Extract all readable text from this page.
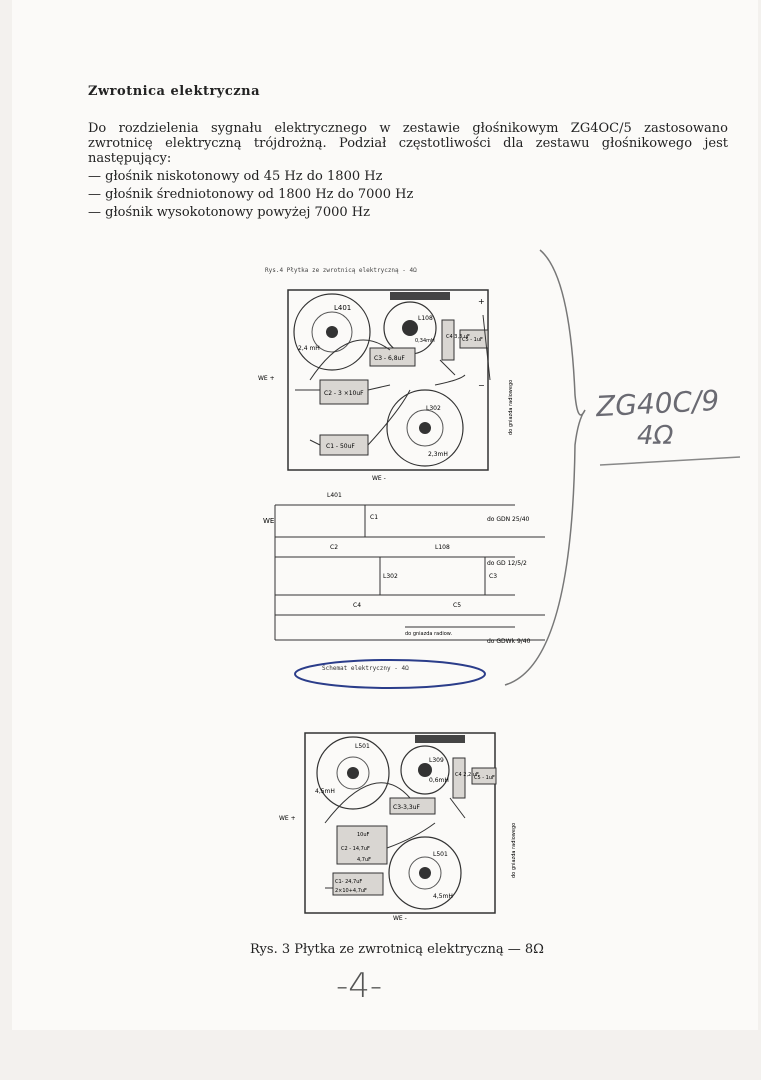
Zwrotnica elektryczna
Do rozdzielenia sygnału elektrycznego w zestawie głośnikowym ZG4OC/5 zastosowano zwrotnicę elektryczną trójdrożną. Podział częstotliwości dla zestawu głośnikowego jest następujący:
— głośnik niskotonowy od 45 Hz do 1800 Hz
— głośnik średniotonowy od 1800 Hz do 7000 Hz
— głośnik wysokotonowy powyżej 7000 Hz
Rys.4 Płytka ze zwrotnicą elektryczną - 4Ω
L401
2,4 mH
L108
0,34mH
C4 3,3 uF
C5 - 1uF
C3 - 6,8uF
C2 - 3 ×10uF
C1 - 50uF
L302
2,3mH
WE +
WE -
+
−	do gniazda radiowego
WE
L401
C1	do GDN 25/40
C2	L108
L302	C3
do GD 12/5/2
C4	C5
do GDWk 9/40
do gniazda radiow.
Schemat elektryczny - 4Ω
ZG40C/9
4Ω
L501
4,5mH
L309
0,6mH
C4 2,2 uF
C5 - 1uF
C3-3,3uF
10uF
C2 - 14,7uF
4,7uF
C1- 24,7uF
2×10+4,7uF
L501
4,5mH
WE +
WE -
do gniazda radiowego
Rys. 3 Płytka ze zwrotnicą elektryczną — 8Ω
-4-
